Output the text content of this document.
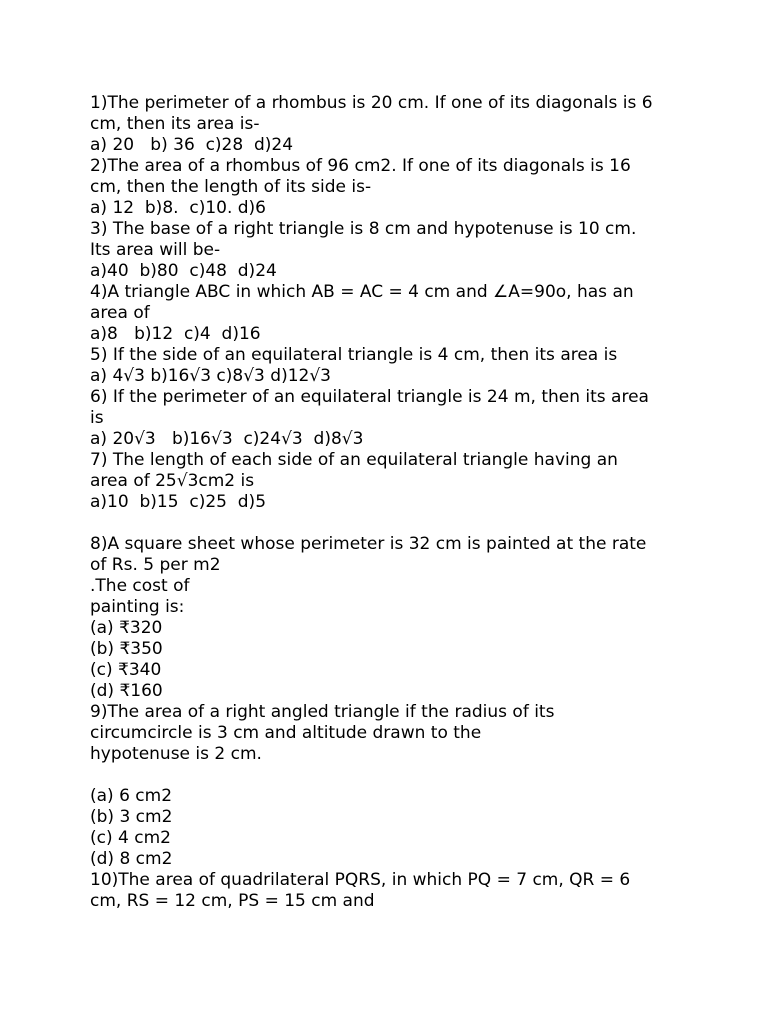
1)The perimeter of a rhombus is 20 cm. If one of its diagonals is 6
cm, then its area is-
a) 20   b) 36  c)28  d)24
2)The area of a rhombus of 96 cm2. If one of its diagonals is 16
cm, then the length of its side is-
a) 12  b)8.  c)10. d)6
3) The base of a right triangle is 8 cm and hypotenuse is 10 cm.
Its area will be-
a)40  b)80  c)48  d)24
4)A triangle ABC in which AB = AC = 4 cm and ∠A=90o, has an
area of
a)8   b)12  c)4  d)16
5) If the side of an equilateral triangle is 4 cm, then its area is
a) 4√3 b)16√3 c)8√3 d)12√3
6) If the perimeter of an equilateral triangle is 24 m, then its area
is
a) 20√3   b)16√3  c)24√3  d)8√3
7) The length of each side of an equilateral triangle having an
area of 25√3cm2 is
a)10  b)15  c)25  d)5
8)A square sheet whose perimeter is 32 cm is painted at the rate
of Rs. 5 per m2
.The cost of
painting is:
(a) ₹320
(b) ₹350
(c) ₹340
(d) ₹160
9)The area of a right angled triangle if the radius of its
circumcircle is 3 cm and altitude drawn to the
hypotenuse is 2 cm.
(a) 6 cm2
(b) 3 cm2
(c) 4 cm2
(d) 8 cm2
10)The area of quadrilateral PQRS, in which PQ = 7 cm, QR = 6
cm, RS = 12 cm, PS = 15 cm and
